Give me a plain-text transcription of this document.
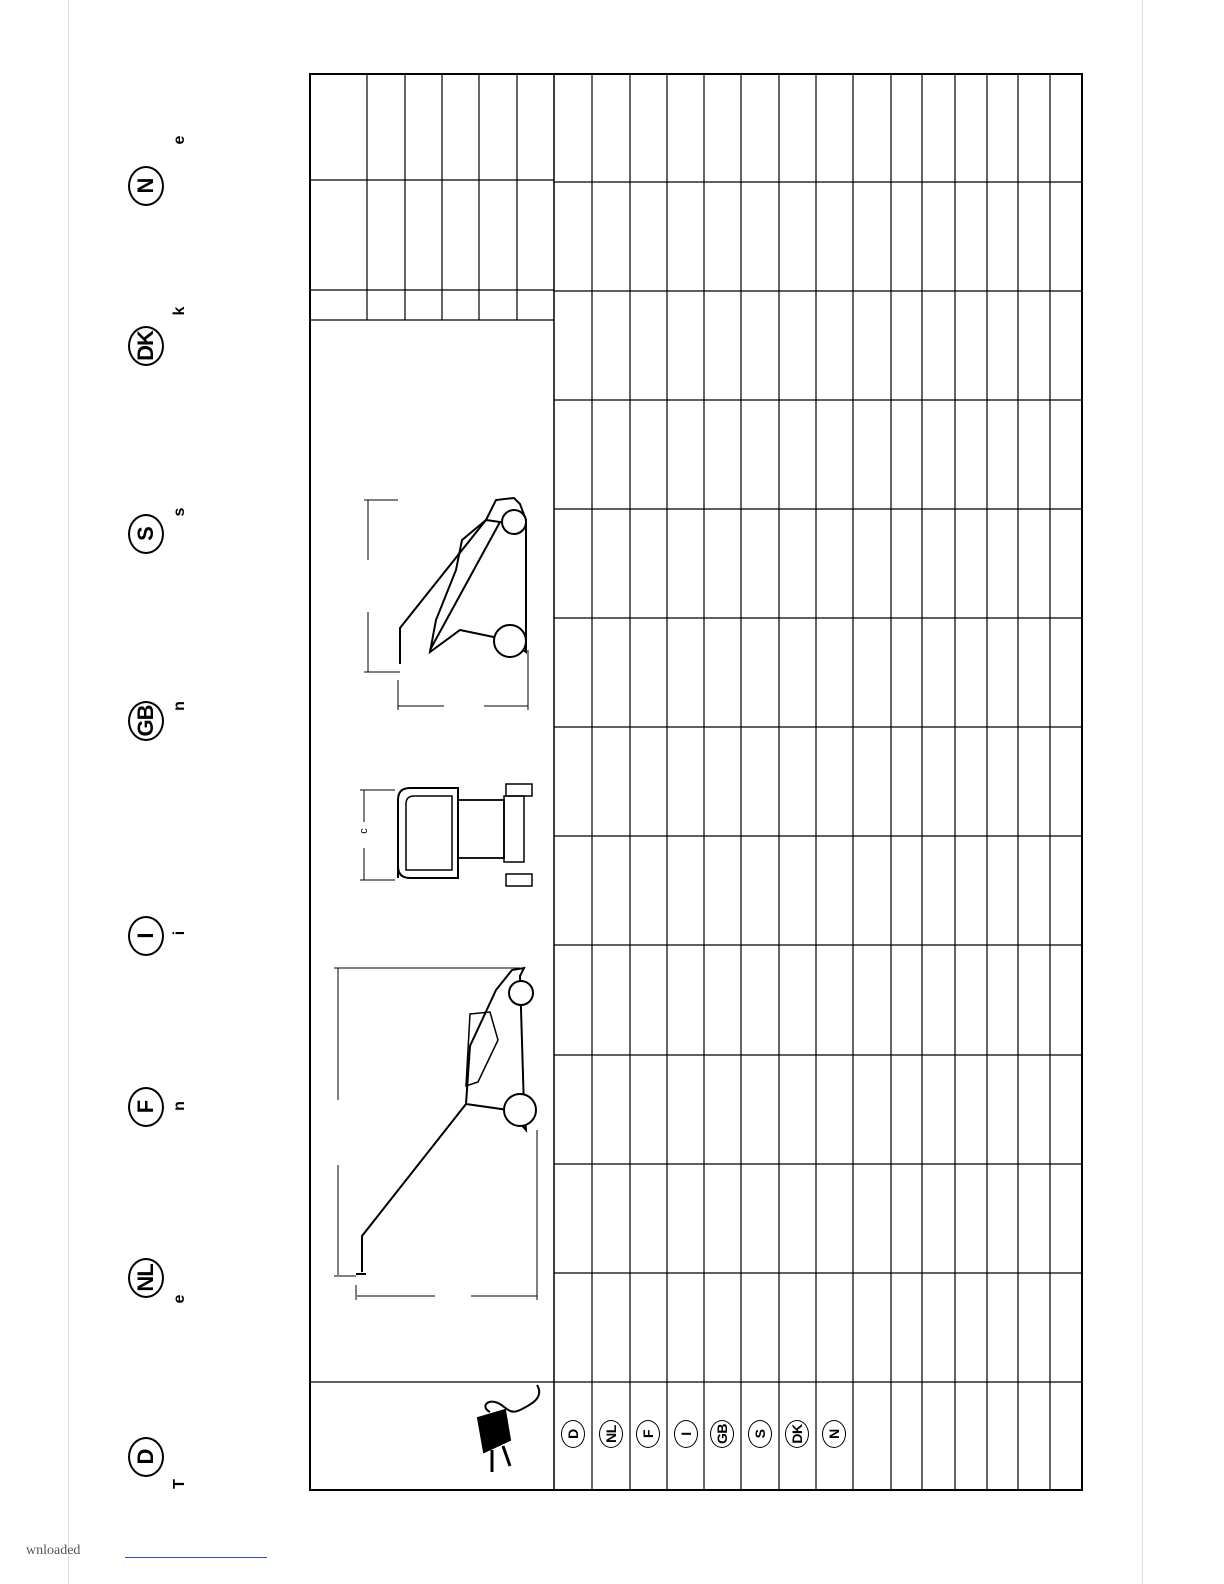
D
NL
F
I
GB
S
DK
N
T
e
n
i
n
s
k
e
c
D NL F I GB S DK N
wnloaded
